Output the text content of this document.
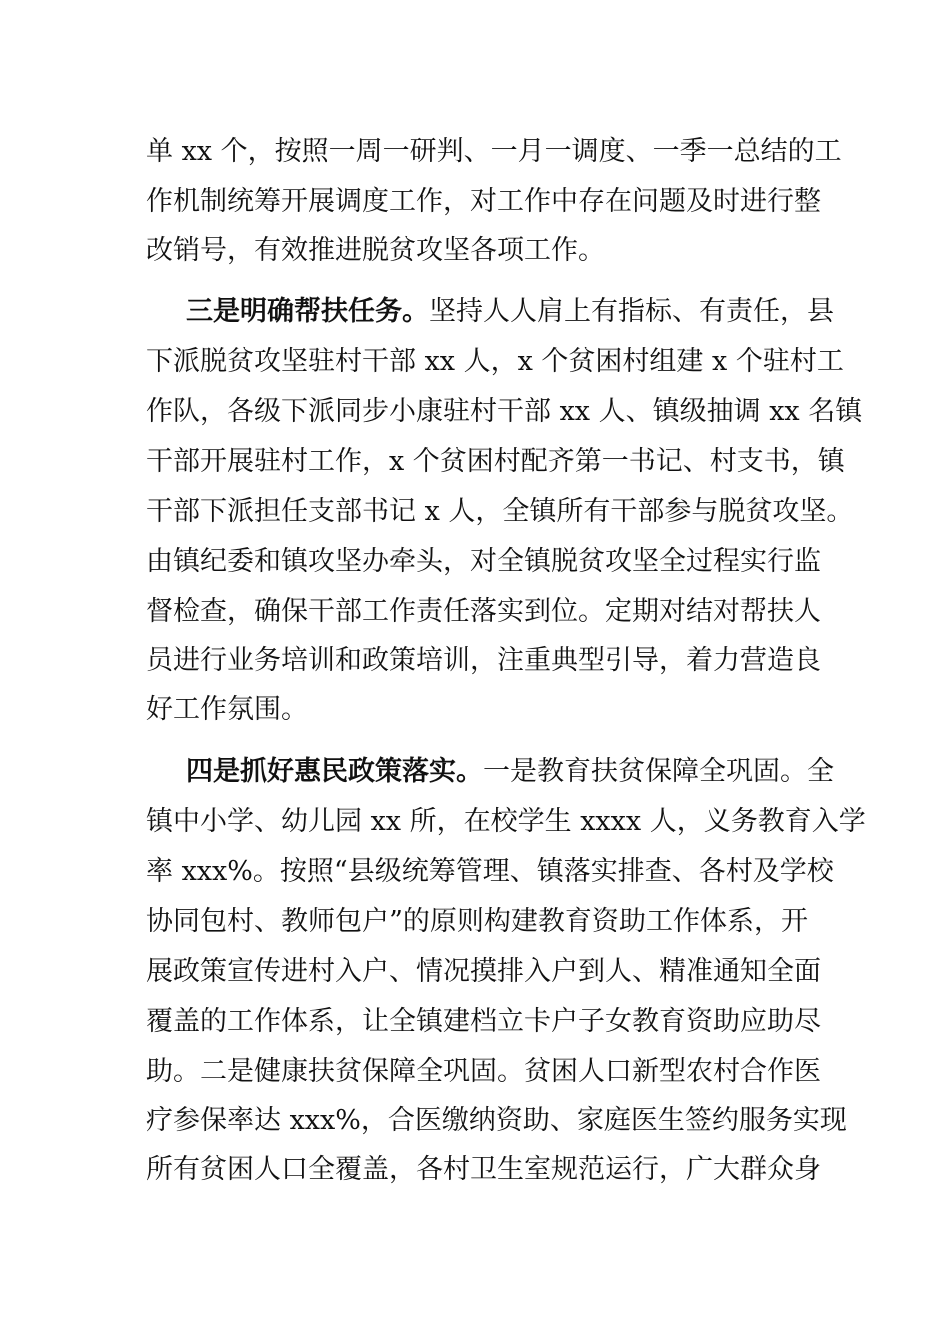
单 xx 个，按照一周一研判、一月一调度、一季一总结的工
作机制统筹开展调度工作，对工作中存在问题及时进行整
改销号，有效推进脱贫攻坚各项工作。
三是明确帮扶任务。坚持人人肩上有指标、有责任，县
下派脱贫攻坚驻村干部 xx 人，x 个贫困村组建 x 个驻村工
作队，各级下派同步小康驻村干部 xx 人、镇级抽调 xx 名镇
干部开展驻村工作，x 个贫困村配齐第一书记、村支书，镇
干部下派担任支部书记 x 人，全镇所有干部参与脱贫攻坚。
由镇纪委和镇攻坚办牵头，对全镇脱贫攻坚全过程实行监
督检查，确保干部工作责任落实到位。定期对结对帮扶人
员进行业务培训和政策培训，注重典型引导，着力营造良
好工作氛围。
四是抓好惠民政策落实。一是教育扶贫保障全巩固。全
镇中小学、幼儿园 xx 所，在校学生 xxxx 人，义务教育入学
率 xxx%。按照“县级统筹管理、镇落实排查、各村及学校
协同包村、教师包户”的原则构建教育资助工作体系，开
展政策宣传进村入户、情况摸排入户到人、精准通知全面
覆盖的工作体系，让全镇建档立卡户子女教育资助应助尽
助。二是健康扶贫保障全巩固。贫困人口新型农村合作医
疗参保率达 xxx%，合医缴纳资助、家庭医生签约服务实现
所有贫困人口全覆盖，各村卫生室规范运行，广大群众身
